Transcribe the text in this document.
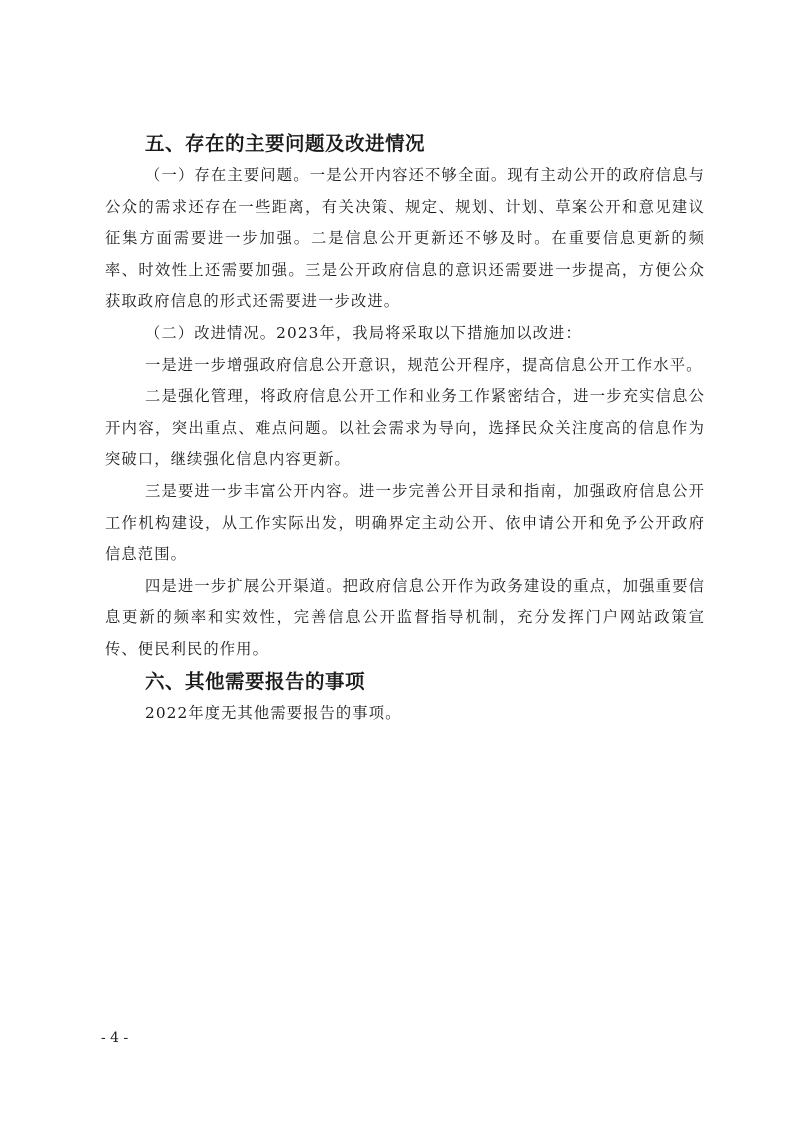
五、存在的主要问题及改进情况

（一）存在主要问题。一是公开内容还不够全面。现有主动公开的政府信息与公众的需求还存在一些距离，有关决策、规定、规划、计划、草案公开和意见建议征集方面需要进一步加强。二是信息公开更新还不够及时。在重要信息更新的频率、时效性上还需要加强。三是公开政府信息的意识还需要进一步提高，方便公众获取政府信息的形式还需要进一步改进。

（二）改进情况。2023年，我局将采取以下措施加以改进：

一是进一步增强政府信息公开意识，规范公开程序，提高信息公开工作水平。

二是强化管理，将政府信息公开工作和业务工作紧密结合，进一步充实信息公开内容，突出重点、难点问题。以社会需求为导向，选择民众关注度高的信息作为突破口，继续强化信息内容更新。

三是要进一步丰富公开内容。进一步完善公开目录和指南，加强政府信息公开工作机构建设，从工作实际出发，明确界定主动公开、依申请公开和免予公开政府信息范围。

四是进一步扩展公开渠道。把政府信息公开作为政务建设的重点，加强重要信息更新的频率和实效性，完善信息公开监督指导机制，充分发挥门户网站政策宣传、便民利民的作用。

六、其他需要报告的事项

2022年度无其他需要报告的事项。

- 4 -
